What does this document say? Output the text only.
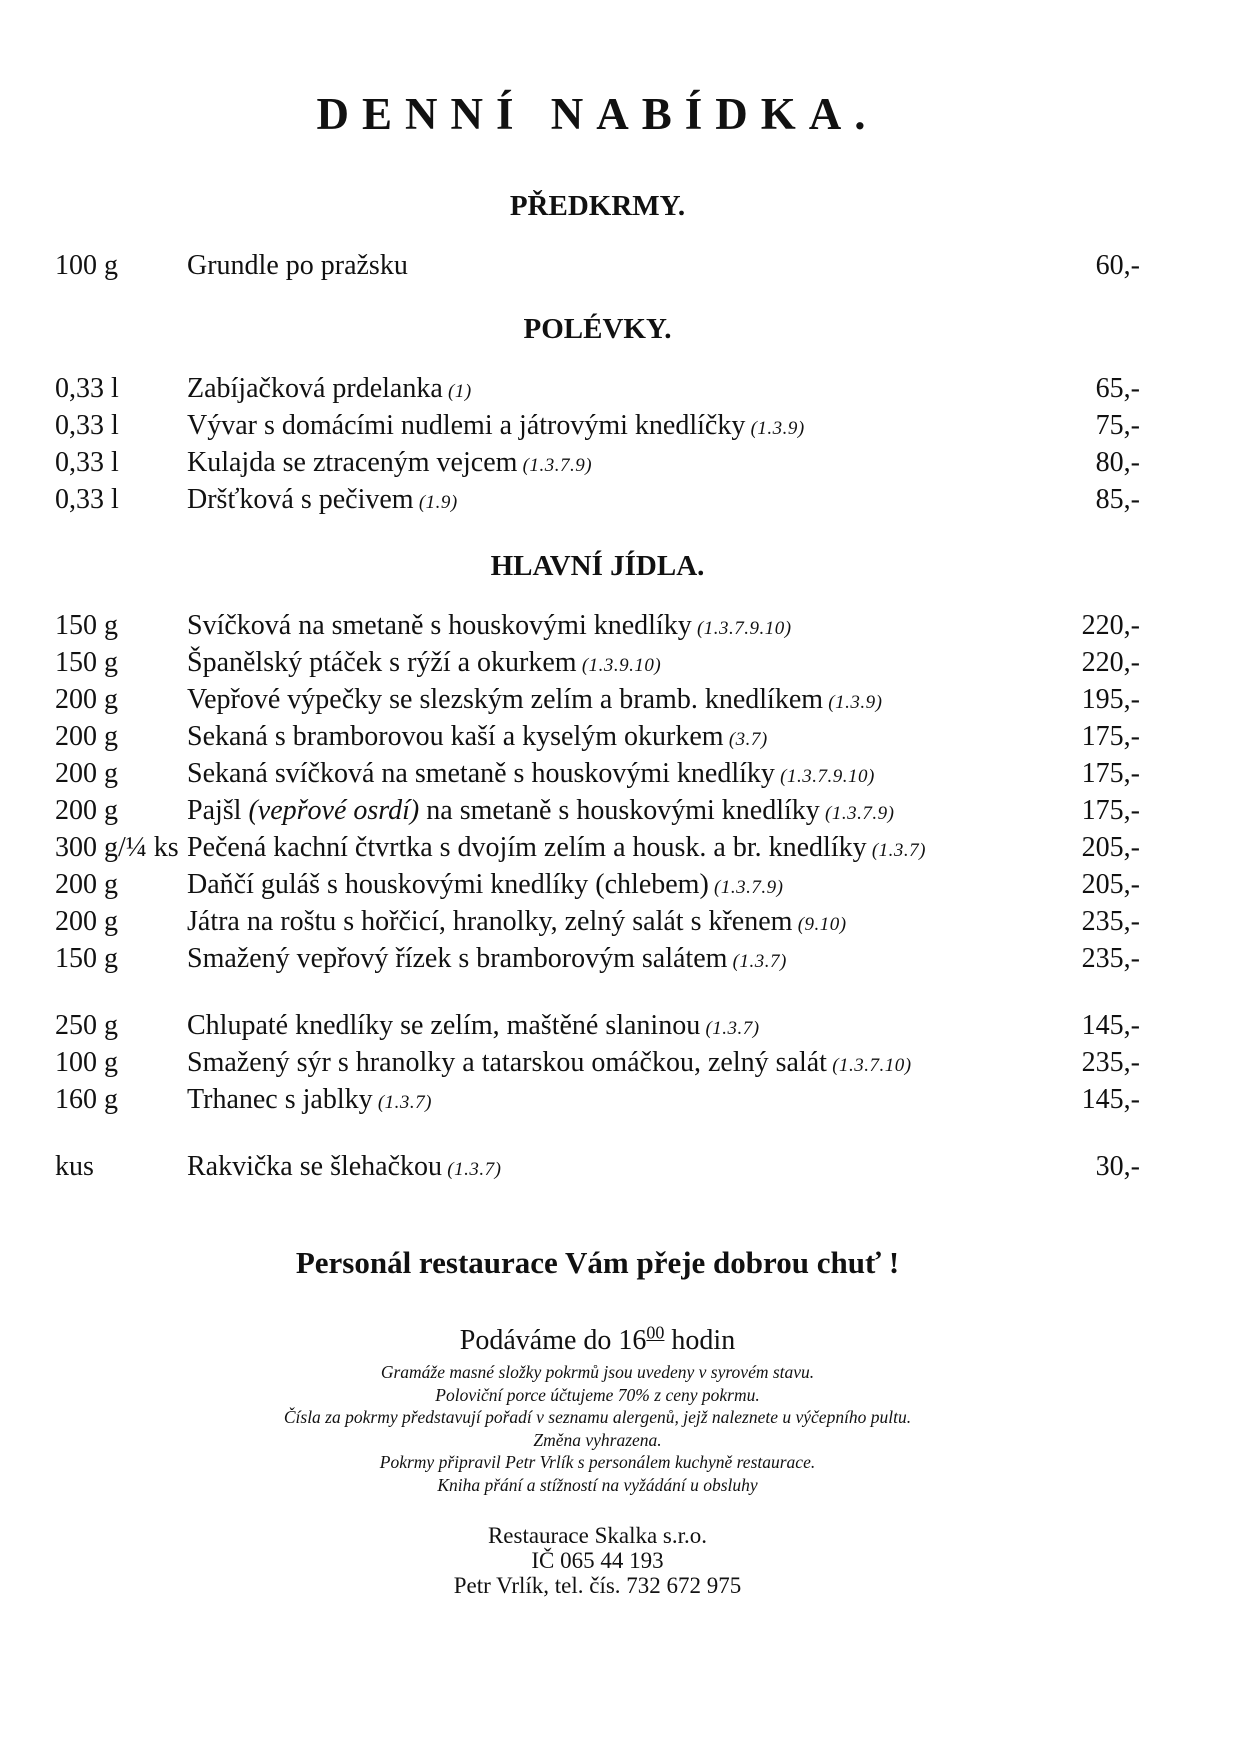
DENNÍ NABÍDKA.
PŘEDKRMY.
100 g	Grundle po pražsku	60,-
POLÉVKY.
0,33 l	Zabíjačková prdelanka (1)	65,-
0,33 l	Vývar s domácími nudlemi a játrovými knedlíčky (1.3.9)	75,-
0,33 l	Kulajda se ztraceným vejcem (1.3.7.9)	80,-
0,33 l	Dršťková s pečivem (1.9)	85,-
HLAVNÍ JÍDLA.
150 g	Svíčková na smetaně s houskovými knedlíky (1.3.7.9.10)	220,-
150 g	Španělský ptáček s rýží a okurkem (1.3.9.10)	220,-
200 g	Vepřové výpečky se slezským zelím a bramb. knedlíkem (1.3.9)	195,-
200 g	Sekaná s bramborovou kaší a kyselým okurkem (3.7)	175,-
200 g	Sekaná svíčková na smetaně s houskovými knedlíky (1.3.7.9.10)	175,-
200 g	Pajšl (vepřové osrdí) na smetaně s houskovými knedlíky (1.3.7.9)	175,-
300 g/¼ ks	Pečená kachní čtvrtka s dvojím zelím a housk. a br. knedlíky (1.3.7)	205,-
200 g	Daňčí guláš s houskovými knedlíky (chlebem) (1.3.7.9)	205,-
200 g	Játra na roštu s hořčicí, hranolky, zelný salát s křenem (9.10)	235,-
150 g	Smažený vepřový řízek s bramborovým salátem (1.3.7)	235,-
250 g	Chlupaté knedlíky se zelím, maštěné slaninou (1.3.7)	145,-
100 g	Smažený sýr s hranolky a tatarskou omáčkou, zelný salát (1.3.7.10)	235,-
160 g	Trhanec s jablky (1.3.7)	145,-
kus	Rakvička se šlehačkou (1.3.7)	30,-
Personál restaurace Vám přeje dobrou chuť !
Podáváme do $16^{00}$ hodin
Gramáže masné složky pokrmů jsou uvedeny v syrovém stavu.
Poloviční porce účtujeme 70% z ceny pokrmu.
Čísla za pokrmy představují pořadí v seznamu alergenů, jejž naleznete u výčepního pultu.
Změna vyhrazena.
Pokrmy připravil Petr Vrlík s personálem kuchyně restaurace.
Kniha přání a stížností na vyžádání u obsluhy
Restaurace Skalka s.r.o.
IČ 065 44 193
Petr Vrlík, tel. čís. 732 672 975
